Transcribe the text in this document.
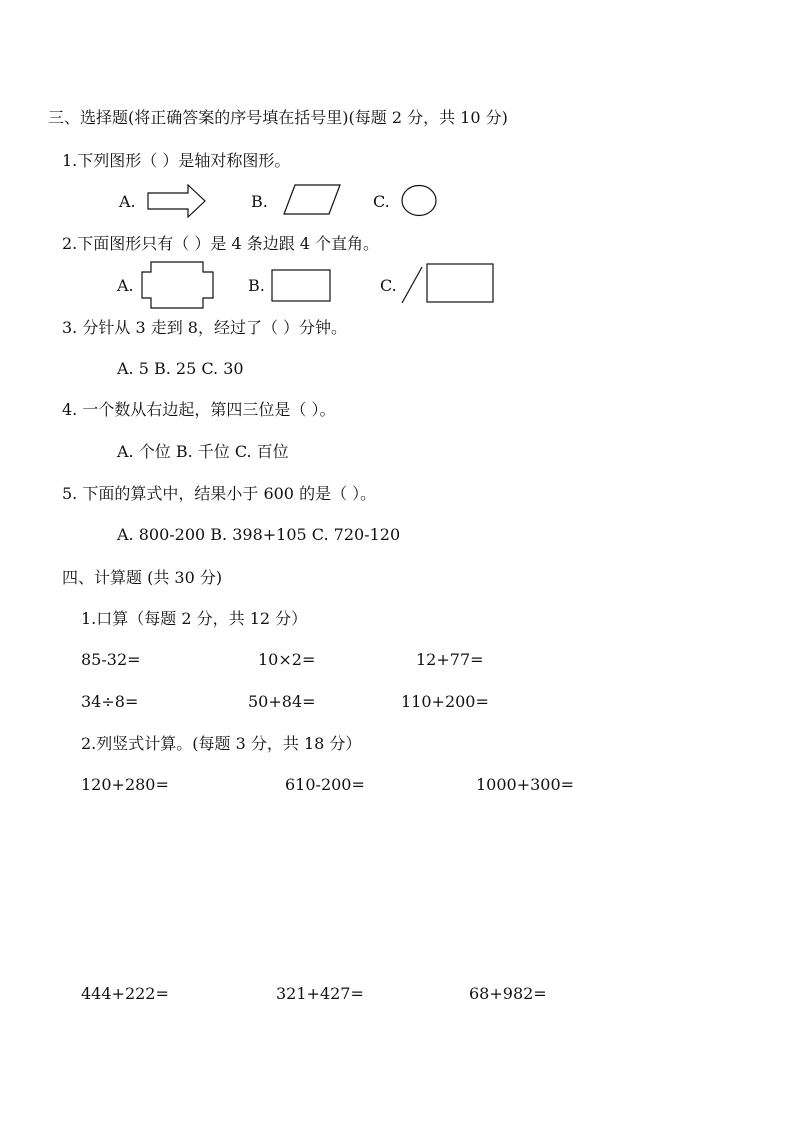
三、选择题(将正确答案的序号填在括号里)(每题 2 分，共 10 分)
1.下列图形（ ）是轴对称图形。
A.	B.	C.
2.下面图形只有（ ）是 4 条边跟 4 个直角。
A.	B.	C.
3. 分针从 3 走到 8，经过了（ ）分钟。
A. 5 B. 25 C. 30
4. 一个数从右边起，第四三位是（ ）。
A. 个位 B. 千位 C. 百位
5. 下面的算式中，结果小于 600 的是（ ）。
A. 800-200 B. 398+105 C. 720-120
四、计算题 (共 30 分)
1.口算（每题 2 分，共 12 分）
85-32=	10×2=	12+77=
34÷8=	50+84=	110+200=
2.列竖式计算。(每题 3 分，共 18 分）
120+280=	610-200=	1000+300=
444+222=	321+427=	68+982=
